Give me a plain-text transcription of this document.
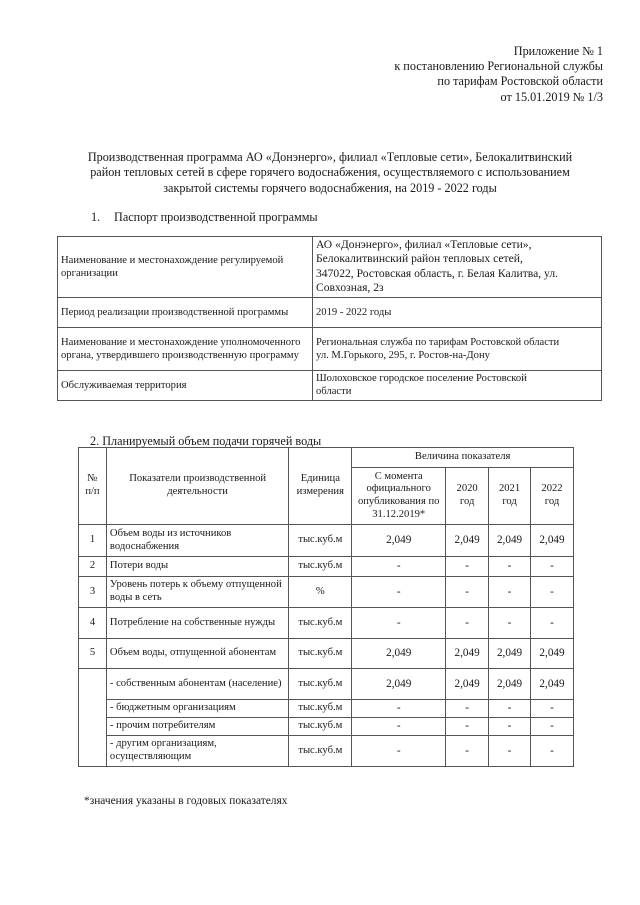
Приложение № 1
к постановлению Региональной службы
по тарифам Ростовской области
от 15.01.2019 № 1/3
Производственная программа АО «Донэнерго», филиал «Тепловые сети», Белокалитвинский
район тепловых сетей в сфере горячего водоснабжения, осуществляемого с использованием
закрытой системы горячего водоснабжения, на 2019 - 2022 годы
1. Паспорт производственной программы
Наименование и местонахождение регулируемой организации	АО «Донэнерго», филиал «Тепловые сети»,
Белокалитвинский район тепловых сетей,
347022, Ростовская область, г. Белая Калитва, ул.
Совхозная, 2з

Период реализации производственной программы	2019 - 2022 годы

Наименование и местонахождение уполномоченного органа, утвердившего производственную программу	Региональная служба по тарифам Ростовской области
ул. М.Горького, 295, г. Ростов-на-Дону

Обслуживаемая территория	Шолоховское городское поселение Ростовской
области
2. Планируемый объем подачи горячей воды
№ п/п	Показатели производственной деятельности	Единица измерения	Величина показателя			
			С момента официального опубликования по 31.12.2019*	2020 год	2021 год	2022 год
1	Объем воды из источников водоснабжения	тыс.куб.м	2,049	2,049	2,049	2,049
2	Потери воды	тыс.куб.м	-	-	-	-
3	Уровень потерь к объему отпущенной воды в сеть	%	-	-	-	-
4	Потребление на собственные нужды	тыс.куб.м	-	-	-	-
5	Объем воды, отпущенной абонентам	тыс.куб.м	2,049	2,049	2,049	2,049
	- собственным абонентам (население)	тыс.куб.м	2,049	2,049	2,049	2,049
	- бюджетным организациям	тыс.куб.м	-	-	-	-
	- прочим потребителям	тыс.куб.м	-	-	-	-
	- другим организациям, осуществляющим	тыс.куб.м	-	-	-	-
*значения указаны в годовых показателях
